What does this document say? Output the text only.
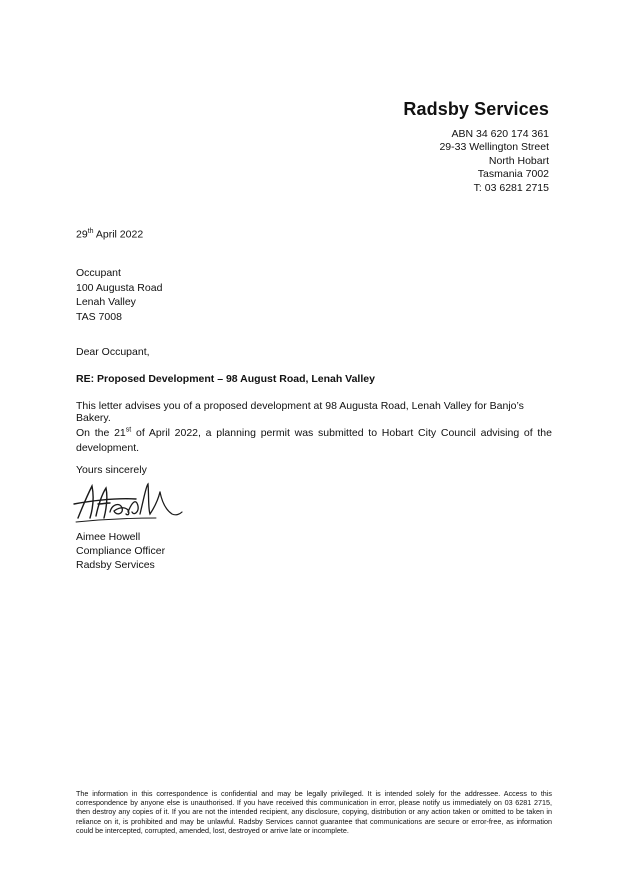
Radsby Services
ABN 34 620 174 361
29-33 Wellington Street
North Hobart
Tasmania 7002
T: 03 6281 2715
29th April 2022
Occupant
100 Augusta Road
Lenah Valley
TAS 7008
Dear Occupant,
RE: Proposed Development – 98 August Road, Lenah Valley
This letter advises you of a proposed development at 98 Augusta Road, Lenah Valley for Banjo’s Bakery.
On the 21st of April 2022, a planning permit was submitted to Hobart City Council advising of the development.
Yours sincerely
Aimee Howell
Compliance Officer
Radsby Services
The information in this correspondence is confidential and may be legally privileged. It is intended solely for the addressee. Access to this correspondence by anyone else is unauthorised. If you have received this communication in error, please notify us immediately on 03 6281 2715, then destroy any copies of it. If you are not the intended recipient, any disclosure, copying, distribution or any action taken or omitted to be taken in reliance on it, is prohibited and may be unlawful. Radsby Services cannot guarantee that communications are secure or error-free, as information could be intercepted, corrupted, amended, lost, destroyed or arrive late or incomplete.
